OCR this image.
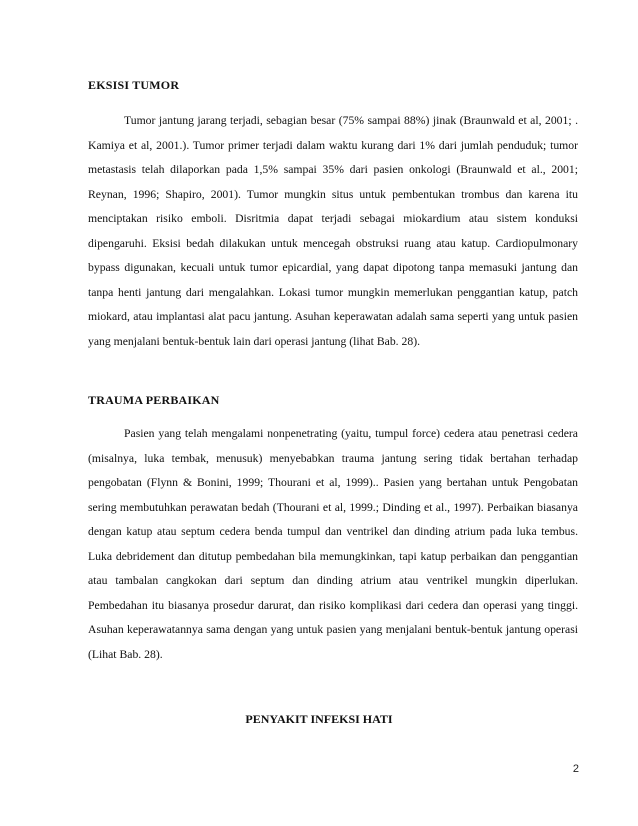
EKSISI TUMOR
Tumor jantung jarang terjadi, sebagian besar (75% sampai 88%) jinak (Braunwald et al, 2001; . Kamiya et al, 2001.). Tumor primer terjadi dalam waktu kurang dari 1% dari jumlah penduduk; tumor metastasis telah dilaporkan pada 1,5% sampai 35% dari pasien onkologi (Braunwald et al., 2001; Reynan, 1996; Shapiro, 2001). Tumor mungkin situs untuk pembentukan trombus dan karena itu menciptakan risiko emboli. Disritmia dapat terjadi sebagai miokardium atau sistem konduksi dipengaruhi. Eksisi bedah dilakukan untuk mencegah obstruksi ruang atau katup. Cardiopulmonary bypass digunakan, kecuali untuk tumor epicardial, yang dapat dipotong tanpa memasuki jantung dan tanpa henti jantung dari mengalahkan. Lokasi tumor mungkin memerlukan penggantian katup, patch miokard, atau implantasi alat pacu jantung. Asuhan keperawatan adalah sama seperti yang untuk pasien yang menjalani bentuk-bentuk lain dari operasi jantung (lihat Bab. 28).
TRAUMA PERBAIKAN
Pasien yang telah mengalami nonpenetrating (yaitu, tumpul force) cedera atau penetrasi cedera (misalnya, luka tembak, menusuk) menyebabkan trauma jantung sering tidak bertahan terhadap pengobatan (Flynn & Bonini, 1999; Thourani et al, 1999).. Pasien yang bertahan untuk Pengobatan sering membutuhkan perawatan bedah (Thourani et al, 1999.; Dinding et al., 1997). Perbaikan biasanya dengan katup atau septum cedera benda tumpul dan ventrikel dan dinding atrium pada luka tembus. Luka debridement dan ditutup pembedahan bila memungkinkan, tapi katup perbaikan dan penggantian atau tambalan cangkokan dari septum dan dinding atrium atau ventrikel mungkin diperlukan. Pembedahan itu biasanya prosedur darurat, dan risiko komplikasi dari cedera dan operasi yang tinggi. Asuhan keperawatannya sama dengan yang untuk pasien yang menjalani bentuk-bentuk jantung operasi (Lihat Bab. 28).
PENYAKIT INFEKSI HATI
2
